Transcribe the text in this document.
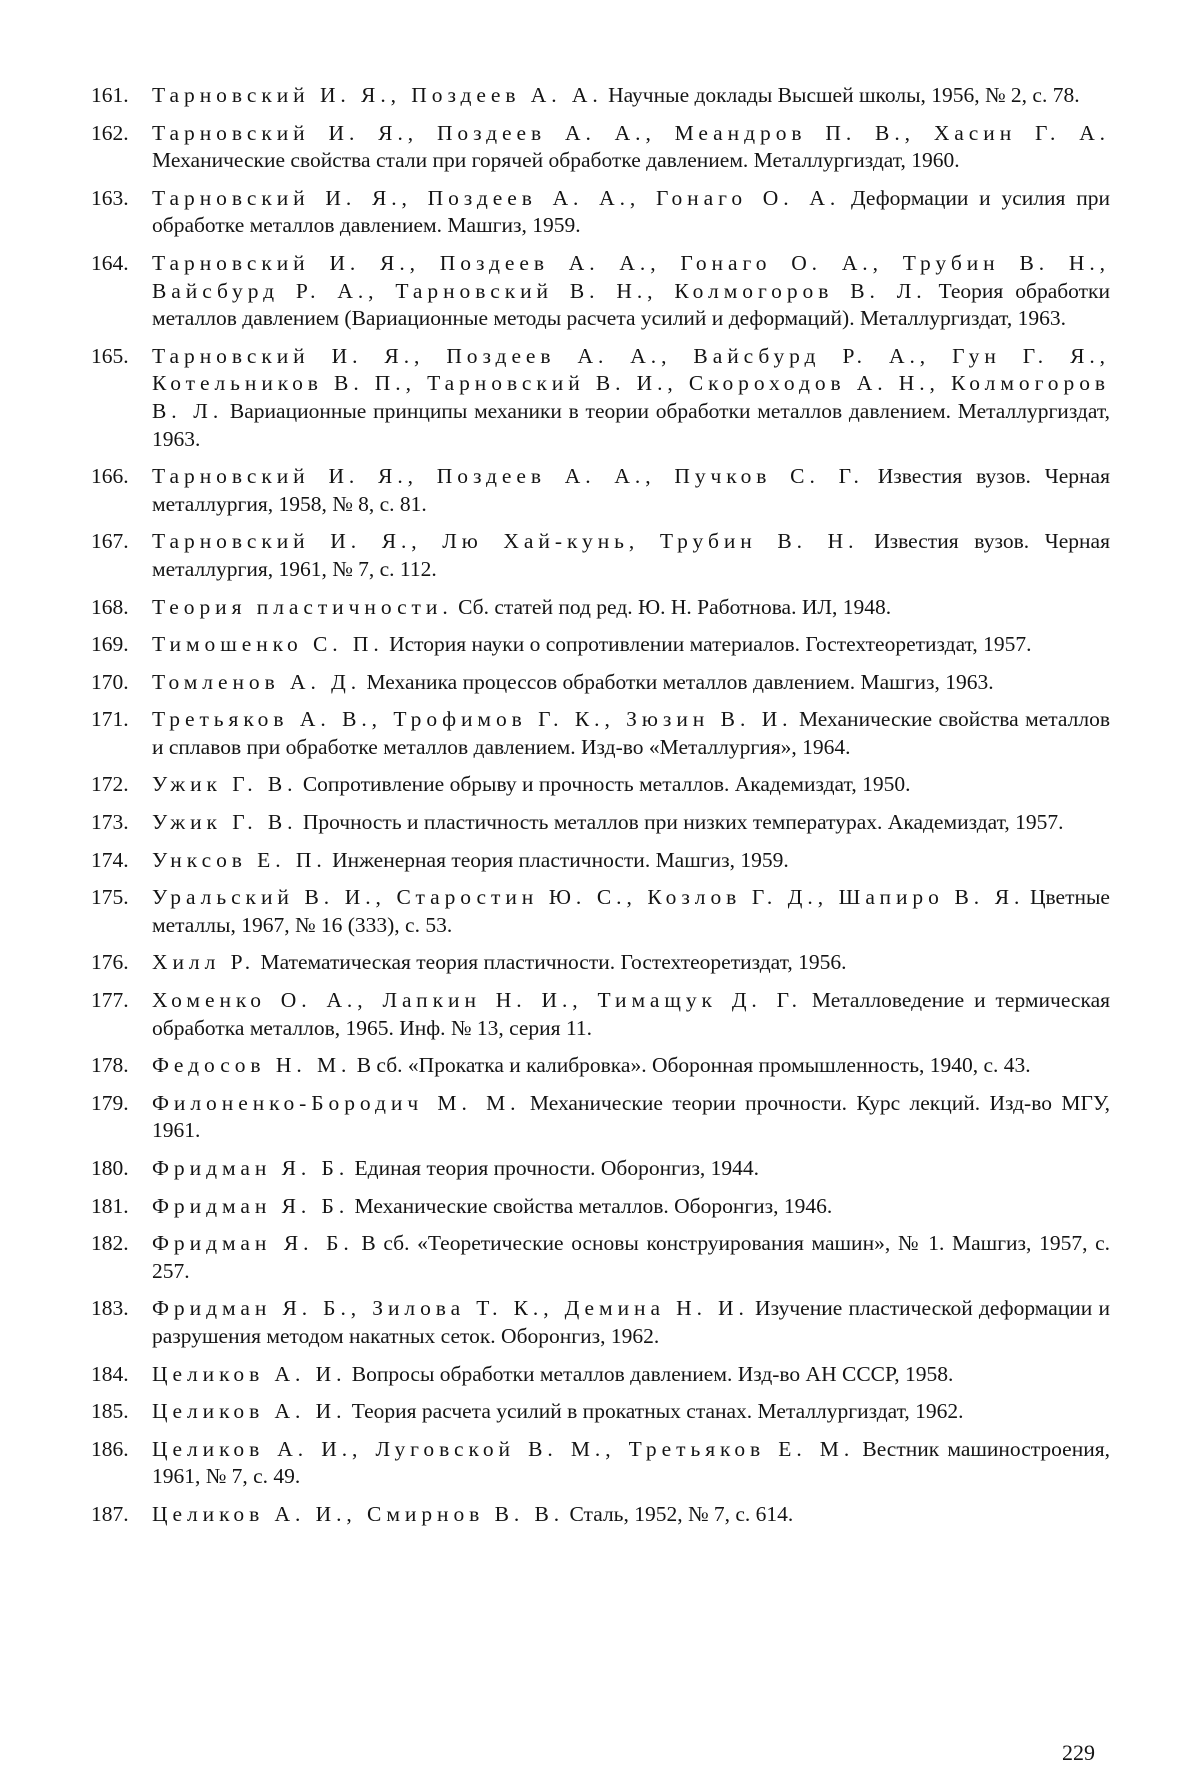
161. Тарновский И. Я., Поздеев А. А. Научные доклады Высшей школы, 1956, № 2, с. 78.
162. Тарновский И. Я., Поздеев А. А., Меандров П. В., Хасин Г. А. Механические свойства стали при горячей обработке давлением. Металлургиздат, 1960.
163. Тарновский И. Я., Поздеев А. А., Гонаго О. А. Деформации и усилия при обработке металлов давлением. Машгиз, 1959.
164. Тарновский И. Я., Поздеев А. А., Гонаго О. А., Трубин В. Н., Вайсбурд Р. А., Тарновский В. Н., Колмогоров В. Л. Теория обработки металлов давлением (Вариационные методы расчета усилий и деформаций). Металлургиздат, 1963.
165. Тарновский И. Я., Поздеев А. А., Вайсбурд Р. А., Гун Г. Я., Котельников В. П., Тарновский В. И., Скороходов А. Н., Колмогоров В. Л. Вариационные принципы механики в теории обработки металлов давлением. Металлургиздат, 1963.
166. Тарновский И. Я., Поздеев А. А., Пучков С. Г. Известия вузов. Черная металлургия, 1958, № 8, с. 81.
167. Тарновский И. Я., Лю Хай-кунь, Трубин В. Н. Известия вузов. Черная металлургия, 1961, № 7, с. 112.
168. Теория пластичности. Сб. статей под ред. Ю. Н. Работнова. ИЛ, 1948.
169. Тимошенко С. П. История науки о сопротивлении материалов. Гостехтеоретиздат, 1957.
170. Томленов А. Д. Механика процессов обработки металлов давлением. Машгиз, 1963.
171. Третьяков А. В., Трофимов Г. К., Зюзин В. И. Механические свойства металлов и сплавов при обработке металлов давлением. Изд-во «Металлургия», 1964.
172. Ужик Г. В. Сопротивление обрыву и прочность металлов. Академиздат, 1950.
173. Ужик Г. В. Прочность и пластичность металлов при низких температурах. Академиздат, 1957.
174. Унксов Е. П. Инженерная теория пластичности. Машгиз, 1959.
175. Уральский В. И., Старостин Ю. С., Козлов Г. Д., Шапиро В. Я. Цветные металлы, 1967, № 16 (333), с. 53.
176. Хилл Р. Математическая теория пластичности. Гостехтеоретиздат, 1956.
177. Хоменко О. А., Лапкин Н. И., Тимащук Д. Г. Металловедение и термическая обработка металлов, 1965. Инф. № 13, серия 11.
178. Федосов Н. М. В сб. «Прокатка и калибровка». Оборонная промышленность, 1940, с. 43.
179. Филоненко-Бородич М. М. Механические теории прочности. Курс лекций. Изд-во МГУ, 1961.
180. Фридман Я. Б. Единая теория прочности. Оборонгиз, 1944.
181. Фридман Я. Б. Механические свойства металлов. Оборонгиз, 1946.
182. Фридман Я. Б. В сб. «Теоретические основы конструирования машин», № 1. Машгиз, 1957, с. 257.
183. Фридман Я. Б., Зилова Т. К., Демина Н. И. Изучение пластической деформации и разрушения методом накатных сеток. Оборонгиз, 1962.
184. Целиков А. И. Вопросы обработки металлов давлением. Изд-во АН СССР, 1958.
185. Целиков А. И. Теория расчета усилий в прокатных станах. Металлургиздат, 1962.
186. Целиков А. И., Луговской В. М., Третьяков Е. М. Вестник машиностроения, 1961, № 7, с. 49.
187. Целиков А. И., Смирнов В. В. Сталь, 1952, № 7, с. 614.
229
